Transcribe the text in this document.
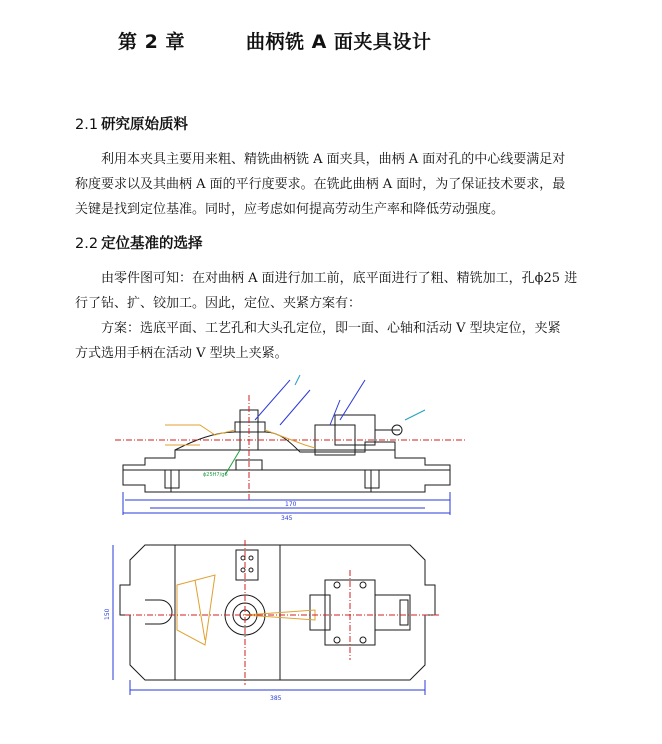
第 2 章	曲柄铣 A 面夹具设计
2.1 研究原始质料
利用本夹具主要用来粗、精铣曲柄铣 A 面夹具，曲柄 A 面对孔的中心线要满足对
称度要求以及其曲柄 A 面的平行度要求。在铣此曲柄 A 面时，为了保证技术要求，最
关键是找到定位基准。同时，应考虑如何提高劳动生产率和降低劳动强度。
2.2 定位基准的选择
由零件图可知：在对曲柄 A 面进行加工前，底平面进行了粗、精铣加工，孔ϕ25 进
行了钻、扩、铰加工。因此，定位、夹紧方案有：
方案：选底平面、工艺孔和大头孔定位，即一面、心轴和活动 V 型块定位，夹紧
方式选用手柄在活动 V 型块上夹紧。
170
345
385
150
ϕ25H7/g6
